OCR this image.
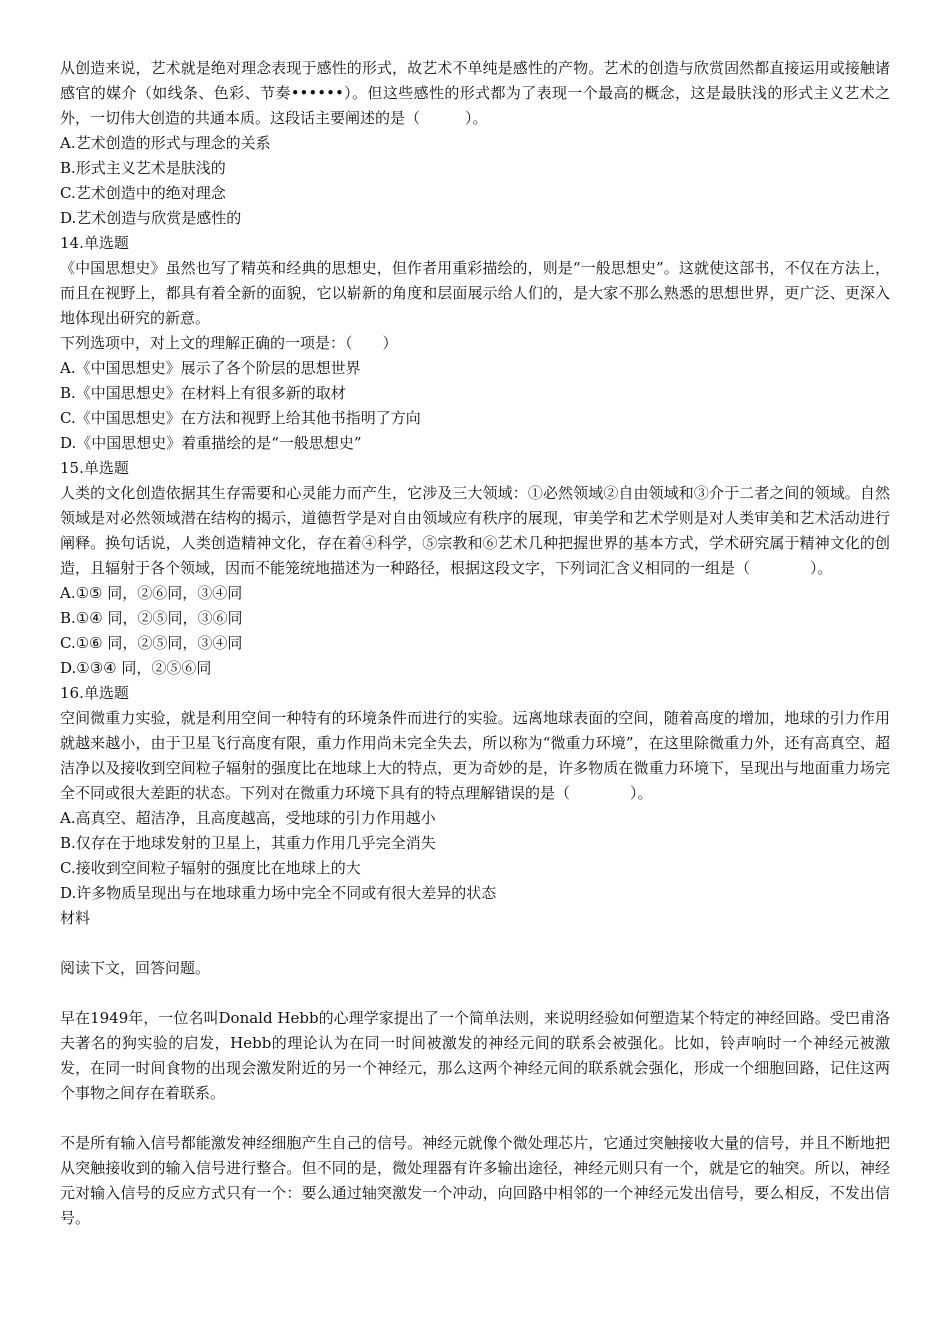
从创造来说，艺术就是绝对理念表现于感性的形式，故艺术不单纯是感性的产物。艺术的创造与欣赏固然都直接运用或接触诸感官的媒介（如线条、色彩、节奏••••••）。但这些感性的形式都为了表现一个最高的概念，这是最肤浅的形式主义艺术之外，一切伟大创造的共通本质。这段话主要阐述的是（　　　）。

A.艺术创造的形式与理念的关系

B.形式主义艺术是肤浅的

C.艺术创造中的绝对理念

D.艺术创造与欣赏是感性的

14.单选题

《中国思想史》虽然也写了精英和经典的思想史，但作者用重彩描绘的，则是“一般思想史”。这就使这部书，不仅在方法上，而且在视野上，都具有着全新的面貌，它以崭新的角度和层面展示给人们的，是大家不那么熟悉的思想世界，更广泛、更深入地体现出研究的新意。

下列选项中，对上文的理解正确的一项是：（　　）

A.《中国思想史》展示了各个阶层的思想世界

B.《中国思想史》在材料上有很多新的取材

C.《中国思想史》在方法和视野上给其他书指明了方向

D.《中国思想史》着重描绘的是“一般思想史”

15.单选题

人类的文化创造依据其生存需要和心灵能力而产生，它涉及三大领域：①必然领域②自由领域和③介于二者之间的领域。自然领域是对必然领域潜在结构的揭示，道德哲学是对自由领域应有秩序的展现，审美学和艺术学则是对人类审美和艺术活动进行阐释。换句话说，人类创造精神文化，存在着④科学，⑤宗教和⑥艺术几种把握世界的基本方式，学术研究属于精神文化的创造，且辐射于各个领域，因而不能笼统地描述为一种路径，根据这段文字，下列词汇含义相同的一组是（　　　　）。

A.①⑤ 同，②⑥同，③④同

B.①④ 同，②⑤同，③⑥同

C.①⑥ 同，②⑤同，③④同

D.①③④ 同，②⑤⑥同

16.单选题

空间微重力实验，就是利用空间一种特有的环境条件而进行的实验。远离地球表面的空间，随着高度的增加，地球的引力作用就越来越小，由于卫星飞行高度有限，重力作用尚未完全失去，所以称为“微重力环境”，在这里除微重力外，还有高真空、超洁净以及接收到空间粒子辐射的强度比在地球上大的特点，更为奇妙的是，许多物质在微重力环境下，呈现出与地面重力场完全不同或很大差距的状态。下列对在微重力环境下具有的特点理解错误的是（　　　　）。

A.高真空、超洁净，且高度越高，受地球的引力作用越小

B.仅存在于地球发射的卫星上，其重力作用几乎完全消失

C.接收到空间粒子辐射的强度比在地球上的大

D.许多物质呈现出与在地球重力场中完全不同或有很大差异的状态

材料

阅读下文，回答问题。

早在1949年，一位名叫Donald Hebb的心理学家提出了一个简单法则，来说明经验如何塑造某个特定的神经回路。受巴甫洛夫著名的狗实验的启发，Hebb的理论认为在同一时间被激发的神经元间的联系会被强化。比如，铃声响时一个神经元被激发，在同一时间食物的出现会激发附近的另一个神经元，那么这两个神经元间的联系就会强化，形成一个细胞回路，记住这两个事物之间存在着联系。

不是所有输入信号都能激发神经细胞产生自己的信号。神经元就像个微处理芯片，它通过突触接收大量的信号，并且不断地把从突触接收到的输入信号进行整合。但不同的是，微处理器有许多输出途径，神经元则只有一个，就是它的轴突。所以，神经元对输入信号的反应方式只有一个：要么通过轴突激发一个冲动，向回路中相邻的一个神经元发出信号，要么相反，不发出信号。
